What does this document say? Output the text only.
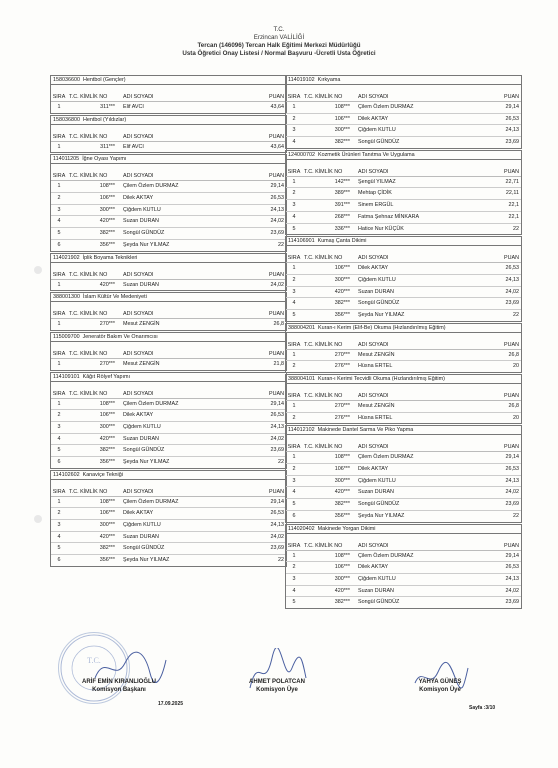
T.C.
Erzincan VALİLİĞİ
Tercan (146096) Tercan Halk Eğitimi Merkezi Müdürlüğü
Usta Öğretici Onay Listesi / Normal Başvuru -Ücretli Usta Öğretici
158036600 Hentbol (Gençler)
SIRA T.C. KİMLİK NO	ADI SOYADI	PUAN
1	311***	Elif AVCI	43,64
158036800 Hentbol (Yıldızlar)
SIRA T.C. KİMLİK NO	ADI SOYADI	PUAN
1	311***	Elif AVCI	43,64
114011205 İğne Oyası Yapımı
SIRA T.C. KİMLİK NO	ADI SOYADI	PUAN
1	108***	Çilem Özlem DURMAZ	29,14
2	106***	Dilek AKTAY	26,53
3	300***	Çiğdem KUTLU	24,13
4	420***	Suzan DURAN	24,02
5	382***	Songül GÜNDÜZ	23,69
6	356***	Şeyda Nur YILMAZ	22
114021902 İplik Boyama Teknikleri
SIRA T.C. KİMLİK NO	ADI SOYADI	PUAN
1	420***	Suzan DURAN	24,02
388001300 İslam Kültür Ve Medeniyeti
SIRA T.C. KİMLİK NO	ADI SOYADI	PUAN
1	270***	Mesut ZENGİN	26,8
115009700 Jeneratör Bakım Ve Onarımcısı
SIRA T.C. KİMLİK NO	ADI SOYADI	PUAN
1	270***	Mesut ZENGİN	21,8
114109101 Kâğıt Rölyef Yapımı
SIRA T.C. KİMLİK NO	ADI SOYADI	PUAN
1	108***	Çilem Özlem DURMAZ	29,14
2	106***	Dilek AKTAY	26,53
3	300***	Çiğdem KUTLU	24,13
4	420***	Suzan DURAN	24,02
5	382***	Songül GÜNDÜZ	23,69
6	356***	Şeyda Nur YILMAZ	22
114102602 Kanaviçe Tekniği
SIRA T.C. KİMLİK NO	ADI SOYADI	PUAN
1	108***	Çilem Özlem DURMAZ	29,14
2	106***	Dilek AKTAY	26,53
3	300***	Çiğdem KUTLU	24,13
4	420***	Suzan DURAN	24,02
5	382***	Songül GÜNDÜZ	23,69
6	356***	Şeyda Nur YILMAZ	22
114019102 Kırkyama
SIRA T.C. KİMLİK NO	ADI SOYADI	PUAN
1	108***	Çilem Özlem DURMAZ	29,14
2	106***	Dilek AKTAY	26,53
3	300***	Çiğdem KUTLU	24,13
4	382***	Songül GÜNDÜZ	23,69
124000702 Kozmetik Ürünleri Tanıtma Ve Uygulama
SIRA T.C. KİMLİK NO	ADI SOYADI	PUAN
1	142***	Şengül YILMAZ	22,71
2	389***	Mehtap ÇİDİK	22,11
3	391***	Sinem ERGÜL	22,1
4	268***	Fatma Şehnaz MİNKARA	22,1
5	336***	Hatice Nur KÜÇÜK	22
114106901 Kumaş Çanta Dikimi
SIRA T.C. KİMLİK NO	ADI SOYADI	PUAN
1	106***	Dilek AKTAY	26,53
2	300***	Çiğdem KUTLU	24,13
3	420***	Suzan DURAN	24,02
4	382***	Songül GÜNDÜZ	23,69
5	356***	Şeyda Nur YILMAZ	22
388004201 Kuran-ı Kerim (Elif-Be) Okuma (Hızlandırılmış Eğitim)
SIRA T.C. KİMLİK NO	ADI SOYADI	PUAN
1	270***	Mesut ZENGİN	26,8
2	276***	Hüsna ERTEL	20
388004101 Kuran-ı Kerimi Tecvidli Okuma (Hızlandırılmış Eğitim)
SIRA T.C. KİMLİK NO	ADI SOYADI	PUAN
1	270***	Mesut ZENGİN	26,8
2	276***	Hüsna ERTEL	20
114012102 Makinede Dantel Sarma Ve Piko Yapma
SIRA T.C. KİMLİK NO	ADI SOYADI	PUAN
1	108***	Çilem Özlem DURMAZ	29,14
2	106***	Dilek AKTAY	26,53
3	300***	Çiğdem KUTLU	24,13
4	420***	Suzan DURAN	24,02
5	382***	Songül GÜNDÜZ	23,69
6	356***	Şeyda Nur YILMAZ	22
114020402 Makinede Yorgan Dikimi
SIRA T.C. KİMLİK NO	ADI SOYADI	PUAN
1	108***	Çilem Özlem DURMAZ	29,14
2	106***	Dilek AKTAY	26,53
3	300***	Çiğdem KUTLU	24,13
4	420***	Suzan DURAN	24,02
5	382***	Songül GÜNDÜZ	23,69
T.C.
ARİF EMİN KIRANLIOĞLU
Komisyon Başkanı
AHMET POLATCAN
Komisyon Üye
YAHYA GÜNEŞ
Komisyon Üye
17.09.2025
Sayfa :3/10
